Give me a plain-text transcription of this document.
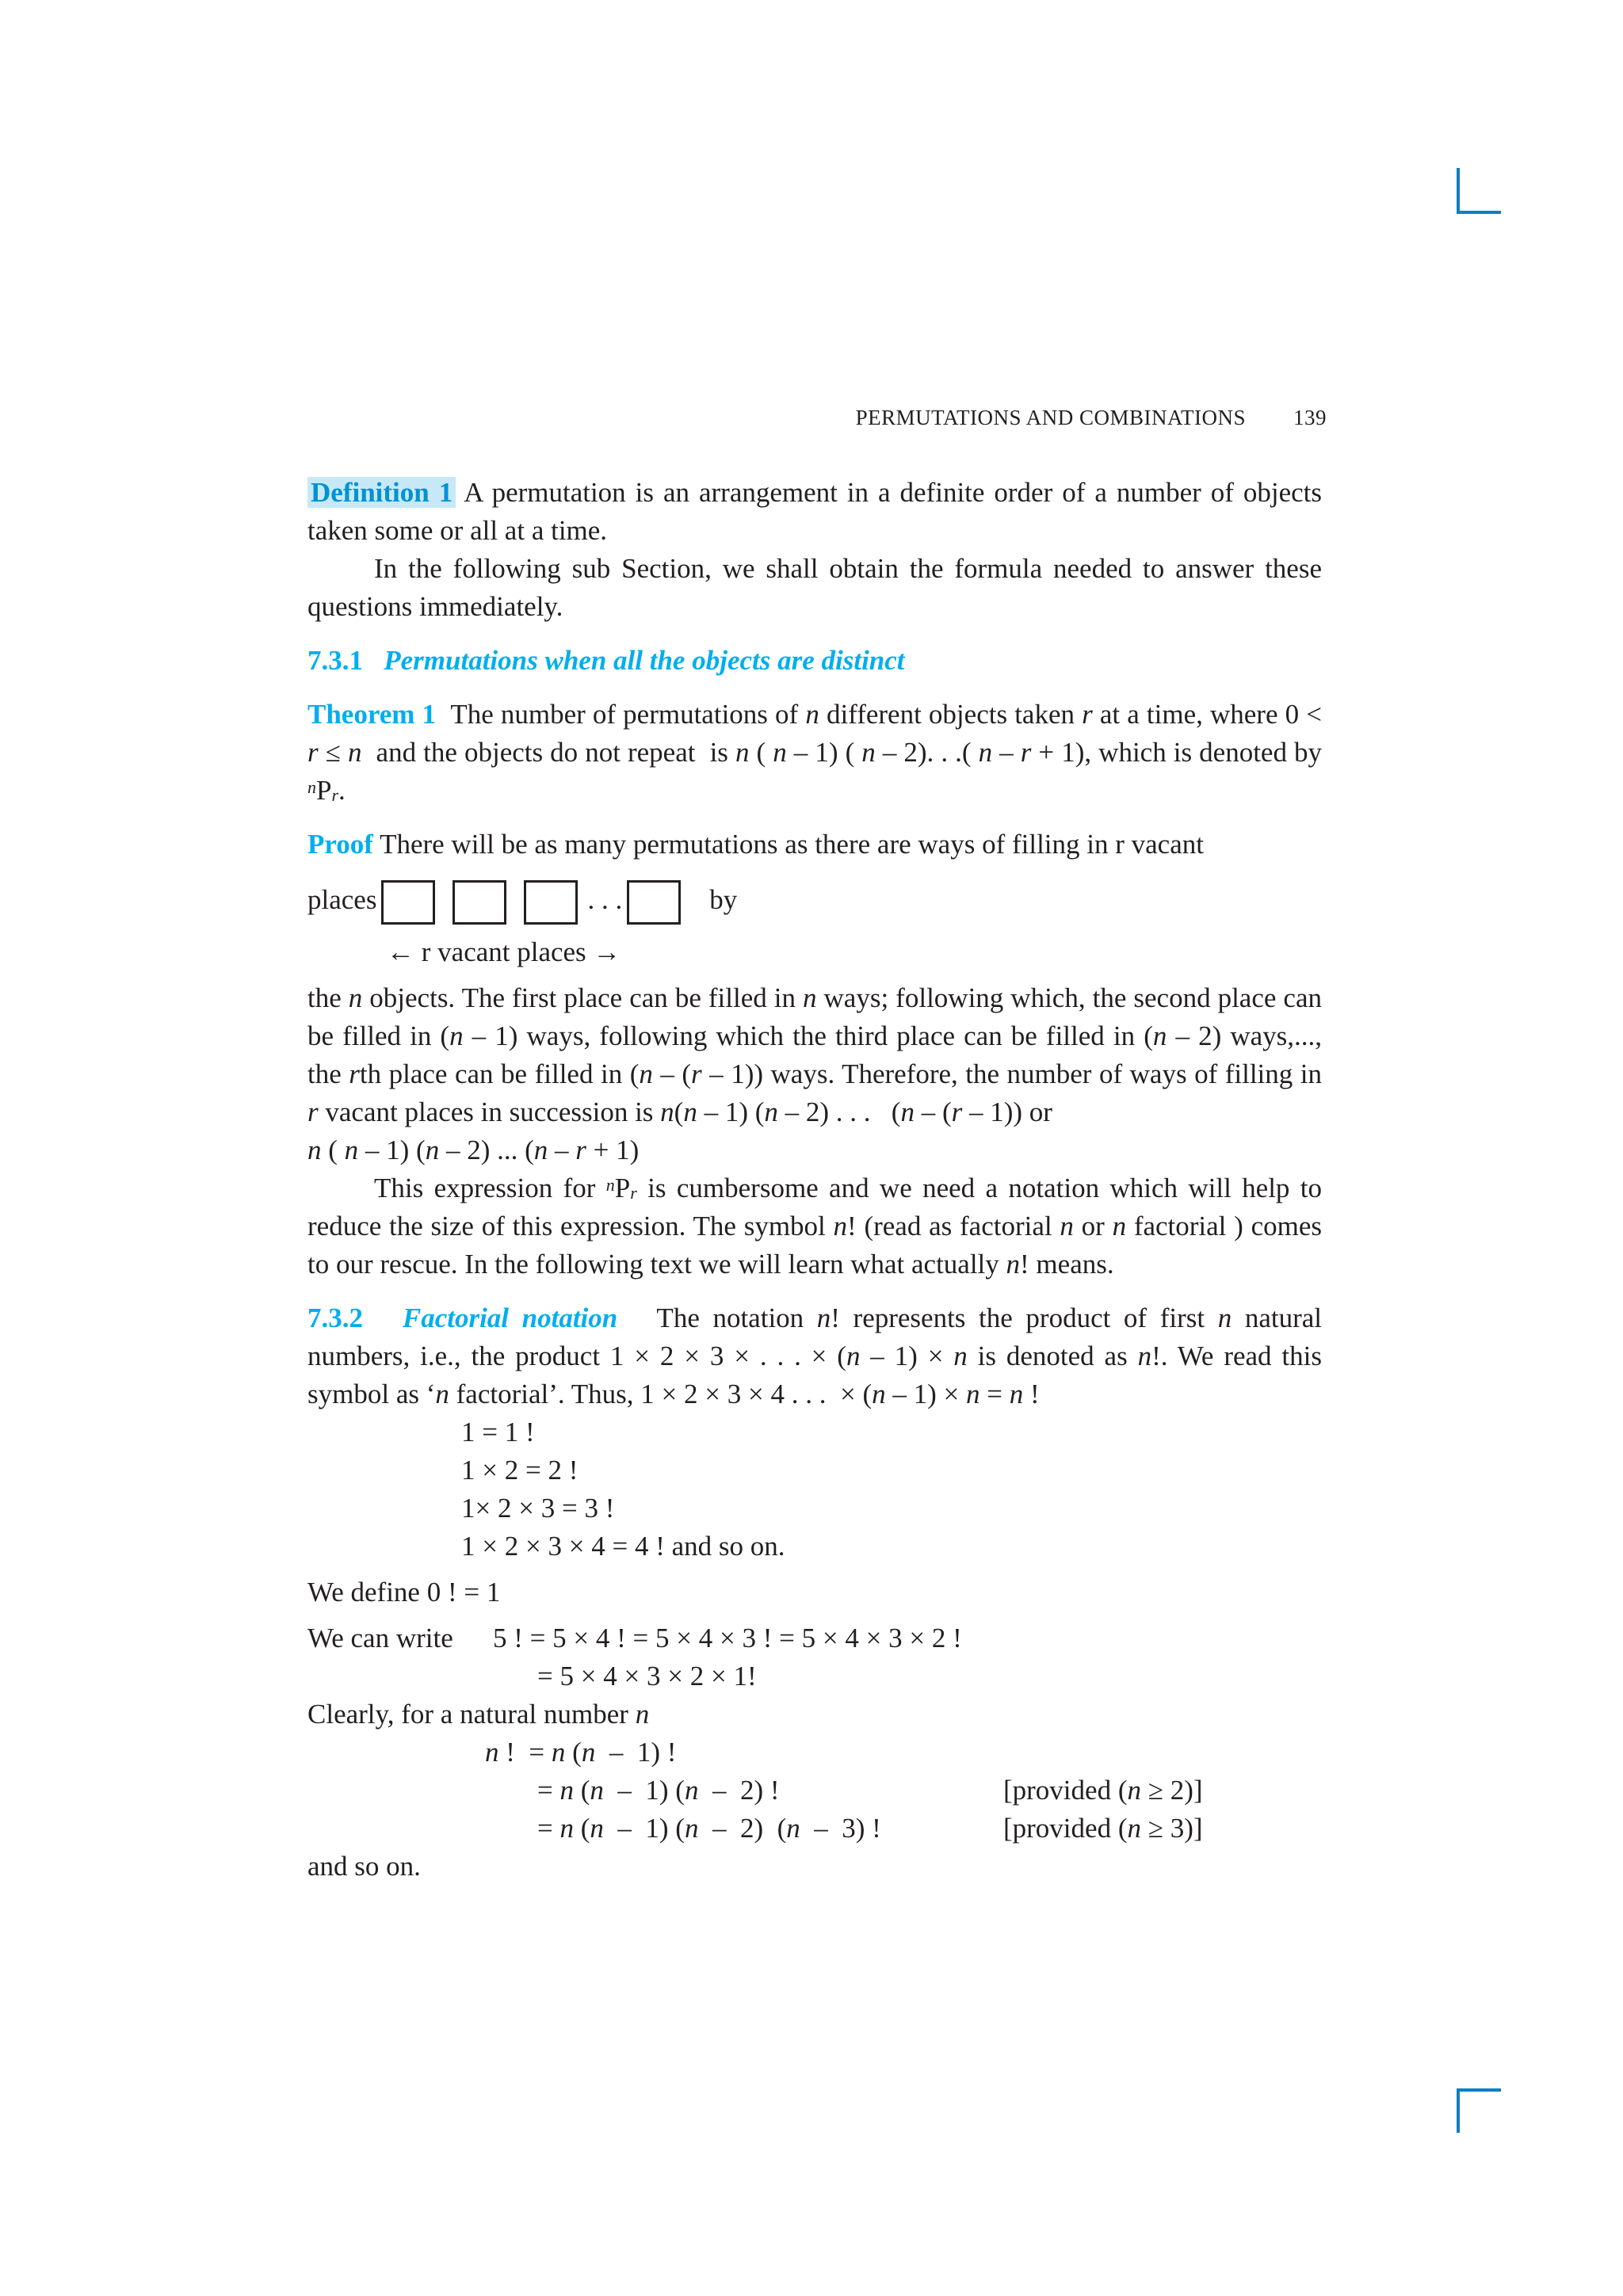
PERMUTATIONS AND COMBINATIONS 139
Definition 1 A permutation is an arrangement in a definite order of a number of objects taken some or all at a time.
In the following sub Section, we shall obtain the formula needed to answer these questions immediately.
7.3.1 Permutations when all the objects are distinct
Theorem 1  The number of permutations of n different objects taken r at a time, where 0 < r ≤ n  and the objects do not repeat  is n ( n – 1) ( n – 2). . .( n – r + 1), which is denoted by $^nP_r$.
Proof There will be as many permutations as there are ways of filling in r vacant
places	. . .	by
← r vacant places →
the n objects. The first place can be filled in n ways; following which, the second place can be filled in (n – 1) ways, following which the third place can be filled in (n – 2) ways,..., the rth place can be filled in (n – (r – 1)) ways. Therefore, the number of ways of filling in r vacant places in succession is n(n – 1) (n – 2) . . .   (n – (r – 1)) or
n ( n – 1) (n – 2) ... (n – r + 1)
This expression for $^nP_r$ is cumbersome and we need a notation which will help to reduce the size of this expression. The symbol n! (read as factorial n or n factorial ) comes to our rescue. In the following text we will learn what actually n! means.
7.3.2 Factorial notation   The notation n! represents the product of first n natural numbers, i.e., the product 1 × 2 × 3 × . . . × (n – 1) × n is denoted as n!. We read this symbol as ‘n factorial’. Thus, 1 × 2 × 3 × 4 . . .  × (n – 1) × n = n !
1 = 1 !
1 × 2 = 2 !
1× 2 × 3 = 3 !
1 × 2 × 3 × 4 = 4 ! and so on.
We define 0 ! = 1
We can write	5 ! = 5 × 4 ! = 5 × 4 × 3 ! = 5 × 4 × 3 × 2 !
= 5 × 4 × 3 × 2 × 1!
Clearly, for a natural number n
n !  = n (n  –  1) !
= n (n  –  1) (n  –  2) !	[provided (n ≥ 2)]
= n (n  –  1) (n  –  2)  (n  –  3) !	[provided (n ≥ 3)]
and so on.
